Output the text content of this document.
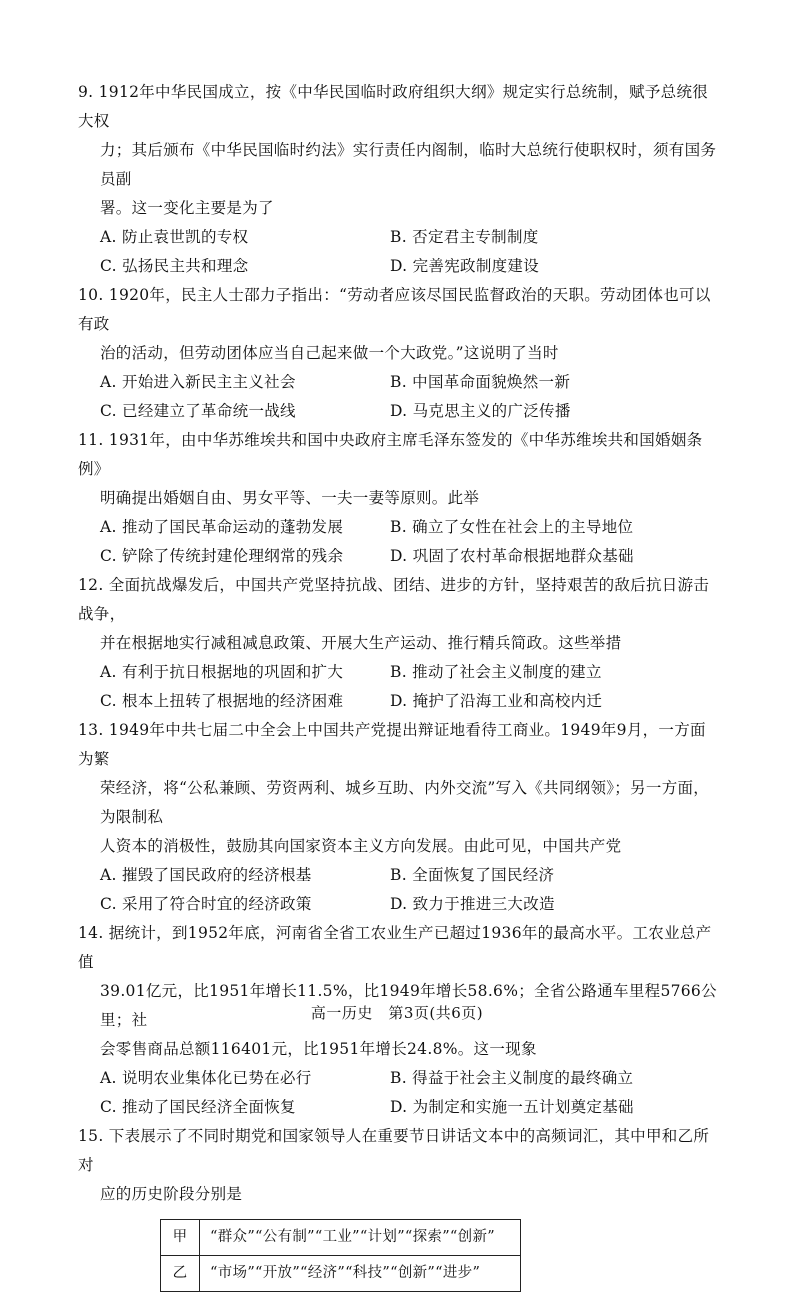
9. 1912年中华民国成立，按《中华民国临时政府组织大纲》规定实行总统制，赋予总统很大权

力；其后颁布《中华民国临时约法》实行责任内阁制，临时大总统行使职权时，须有国务员副

署。这一变化主要是为了

A. 防止袁世凯的专权	B. 否定君主专制制度
C. 弘扬民主共和理念	D. 完善宪政制度建设

10. 1920年，民主人士邵力子指出：“劳动者应该尽国民监督政治的天职。劳动团体也可以有政

治的活动，但劳动团体应当自己起来做一个大政党。”这说明了当时

A. 开始进入新民主主义社会	B. 中国革命面貌焕然一新
C. 已经建立了革命统一战线	D. 马克思主义的广泛传播

11. 1931年，由中华苏维埃共和国中央政府主席毛泽东签发的《中华苏维埃共和国婚姻条例》

明确提出婚姻自由、男女平等、一夫一妻等原则。此举

A. 推动了国民革命运动的蓬勃发展	B. 确立了女性在社会上的主导地位
C. 铲除了传统封建伦理纲常的残余	D. 巩固了农村革命根据地群众基础

12. 全面抗战爆发后，中国共产党坚持抗战、团结、进步的方针，坚持艰苦的敌后抗日游击战争，

并在根据地实行减租减息政策、开展大生产运动、推行精兵简政。这些举措

A. 有利于抗日根据地的巩固和扩大	B. 推动了社会主义制度的建立
C. 根本上扭转了根据地的经济困难	D. 掩护了沿海工业和高校内迁

13. 1949年中共七届二中全会上中国共产党提出辩证地看待工商业。1949年9月，一方面为繁

荣经济，将“公私兼顾、劳资两利、城乡互助、内外交流”写入《共同纲领》；另一方面，为限制私

人资本的消极性，鼓励其向国家资本主义方向发展。由此可见，中国共产党

A. 摧毁了国民政府的经济根基	B. 全面恢复了国民经济
C. 采用了符合时宜的经济政策	D. 致力于推进三大改造

14. 据统计，到1952年底，河南省全省工农业生产已超过1936年的最高水平。工农业总产值

39.01亿元，比1951年增长11.5%，比1949年增长58.6%；全省公路通车里程5766公里；社

会零售商品总额116401元，比1951年增长24.8%。这一现象

A. 说明农业集体化已势在必行	B. 得益于社会主义制度的最终确立
C. 推动了国民经济全面恢复	D. 为制定和实施一五计划奠定基础

15. 下表展示了不同时期党和国家领导人在重要节日讲话文本中的高频词汇，其中甲和乙所对

应的历史阶段分别是

甲	“群众”“公有制”“工业”“计划”“探索”“创新”
乙	“市场”“开放”“经济”“科技”“创新”“进步”
高一历史　第3页(共6页)
